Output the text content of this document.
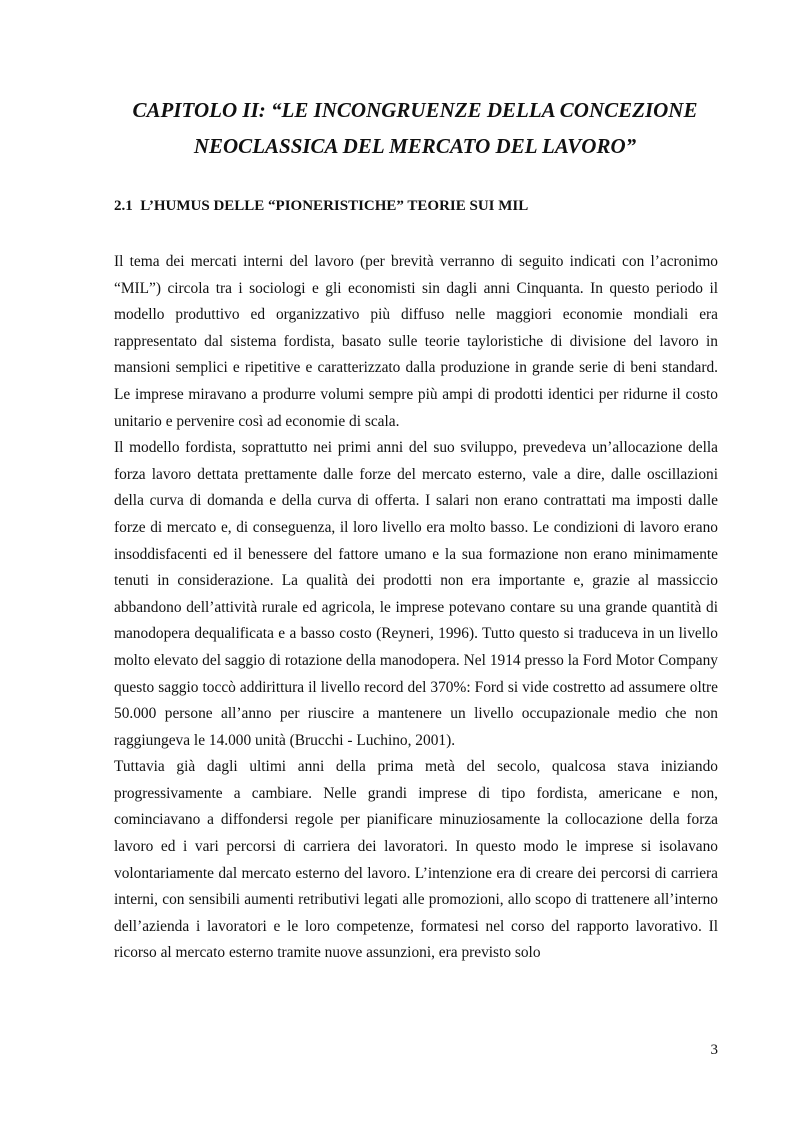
CAPITOLO II: “LE INCONGRUENZE DELLA CONCEZIONE
NEOCLASSICA DEL MERCATO DEL LAVORO”
2.1  L’HUMUS DELLE “PIONERISTICHE” TEORIE SUI MIL

Il tema dei mercati interni del lavoro (per brevità verranno di seguito indicati con l’acronimo “MIL”) circola tra i sociologi e gli economisti sin dagli anni Cinquanta. In questo periodo il modello produttivo ed organizzativo più diffuso nelle maggiori economie mondiali era rappresentato dal sistema fordista, basato sulle teorie tayloristiche di divisione del lavoro in mansioni semplici e ripetitive e caratterizzato dalla produzione in grande serie di beni standard. Le imprese miravano a produrre volumi sempre più ampi di prodotti identici per ridurne il costo unitario e pervenire così ad economie di scala.

Il modello fordista, soprattutto nei primi anni del suo sviluppo, prevedeva un’allocazione della forza lavoro dettata prettamente dalle forze del mercato esterno, vale a dire, dalle oscillazioni della curva di domanda e della curva di offerta. I salari non erano contrattati ma imposti dalle forze di mercato e, di conseguenza, il loro livello era molto basso. Le condizioni di lavoro erano insoddisfacenti ed il benessere del fattore umano e la sua formazione non erano minimamente tenuti in considerazione. La qualità dei prodotti non era importante e, grazie al massiccio abbandono dell’attività rurale ed agricola, le imprese potevano contare su una grande quantità di manodopera dequalificata e a basso costo (Reyneri, 1996). Tutto questo si traduceva in un livello molto elevato del saggio di rotazione della manodopera. Nel 1914 presso la Ford Motor Company questo saggio toccò addirittura il livello record del 370%: Ford si vide costretto ad assumere oltre 50.000 persone all’anno per riuscire a mantenere un livello occupazionale medio che non raggiungeva le 14.000 unità (Brucchi - Luchino, 2001).

Tuttavia già dagli ultimi anni della prima metà del secolo, qualcosa stava iniziando progressivamente a cambiare. Nelle grandi imprese di tipo fordista, americane e non, cominciavano a diffondersi regole per pianificare minuziosamente la collocazione della forza lavoro ed i vari percorsi di carriera dei lavoratori. In questo modo le imprese si isolavano volontariamente dal mercato esterno del lavoro. L’intenzione era di creare dei percorsi di carriera interni, con sensibili aumenti retributivi legati alle promozioni, allo scopo di trattenere all’interno dell’azienda i lavoratori e le loro competenze, formatesi nel corso del rapporto lavorativo. Il ricorso al mercato esterno tramite nuove assunzioni, era previsto solo

3
